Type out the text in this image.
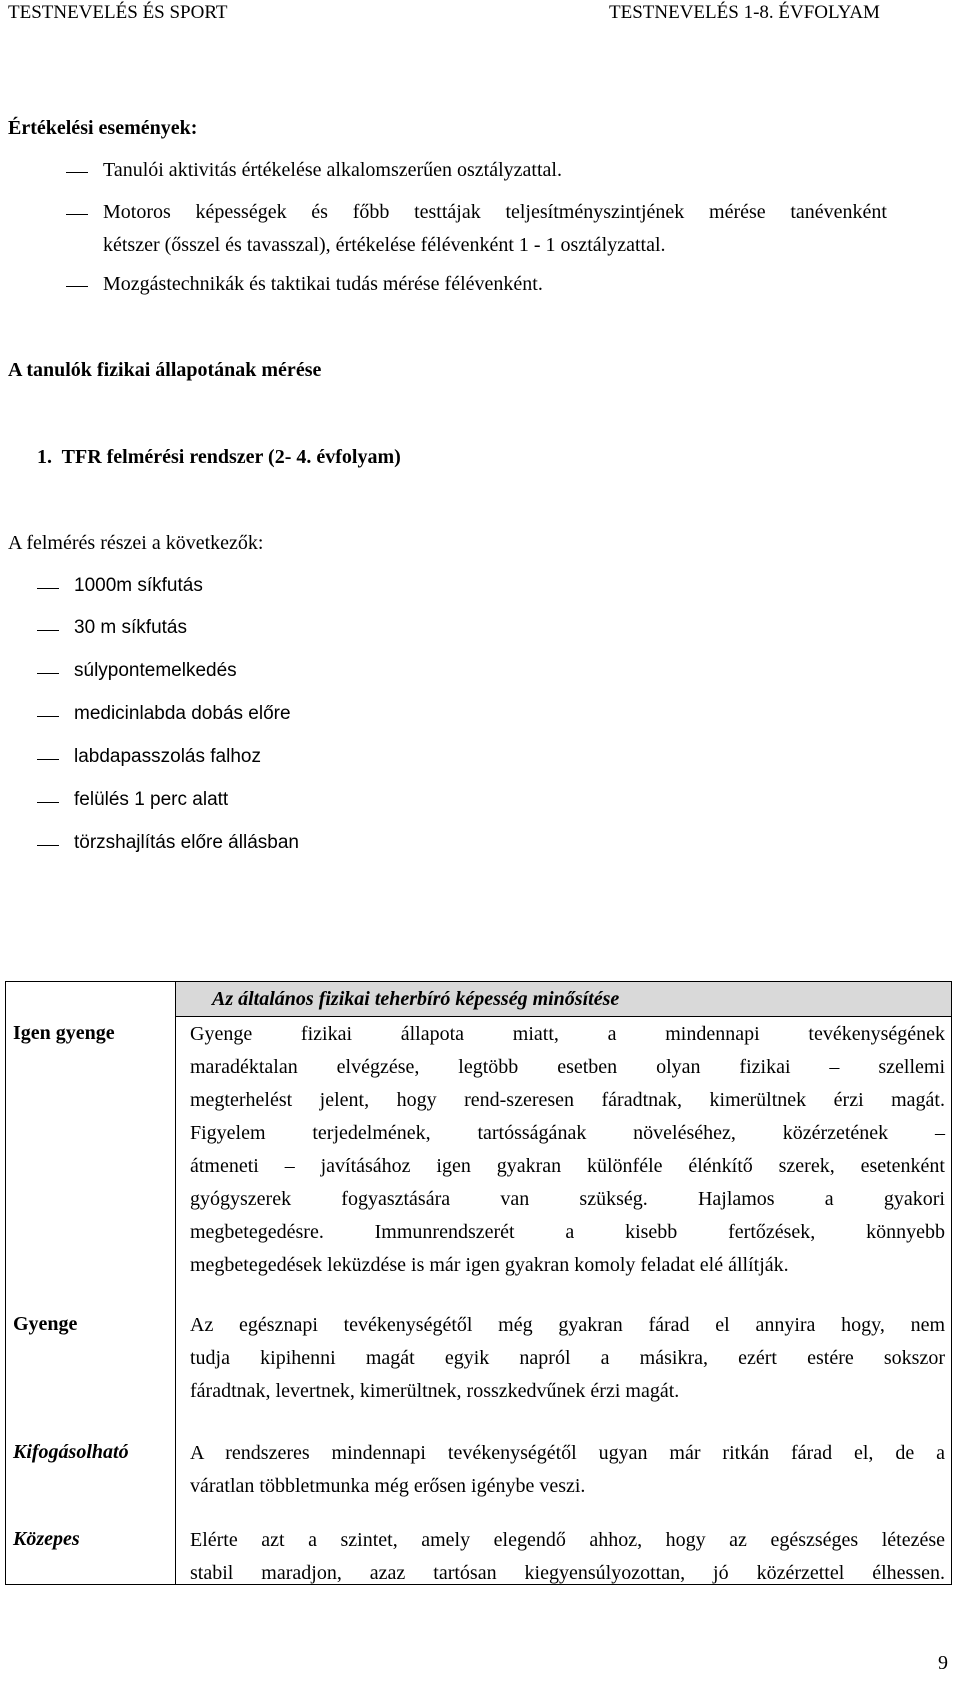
TESTNEVELÉS ÉS SPORT	TESTNEVELÉS 1-8. ÉVFOLYAM
Értékelési események:
Tanulói aktivitás értékelése alkalomszerűen osztályzattal.
Motoros képességek és főbb testtájak teljesítményszintjének mérése tanévenként
kétszer (ősszel és tavasszal), értékelése félévenként 1 - 1 osztályzattal.
Mozgástechnikák és taktikai tudás mérése félévenként.
A tanulók fizikai állapotának mérése
1.  TFR felmérési rendszer (2- 4. évfolyam)
A felmérés részei a következők:
1000m síkfutás
30 m síkfutás
súlypontemelkedés
medicinlabda dobás előre
labdapasszolás falhoz
felülés 1 perc alatt
törzshajlítás előre állásban
Az általános fizikai teherbíró képesség minősítése
Igen gyenge	Gyenge fizikai állapota miatt, a mindennapi tevékenységének
maradéktalan elvégzése, legtöbb esetben olyan fizikai – szellemi
megterhelést jelent, hogy rend-szeresen fáradtnak, kimerültnek érzi magát.
Figyelem terjedelmének, tartósságának növeléséhez, közérzetének –
átmeneti – javításához igen gyakran különféle élénkítő szerek, esetenként
gyógyszerek fogyasztására van szükség. Hajlamos a gyakori
megbetegedésre. Immunrendszerét a kisebb fertőzések, könnyebb
megbetegedések leküzdése is már igen gyakran komoly feladat elé állítják.
Gyenge	Az egésznapi tevékenységétől még gyakran fárad el annyira hogy, nem
tudja kipihenni magát egyik napról a másikra, ezért estére sokszor
fáradtnak, levertnek, kimerültnek, rosszkedvűnek érzi magát.
Kifogásolható	A rendszeres mindennapi tevékenységétől ugyan már ritkán fárad el, de a
váratlan többletmunka még erősen igénybe veszi.
Közepes	Elérte azt a szintet, amely elegendő ahhoz, hogy az egészséges létezése
stabil maradjon, azaz tartósan kiegyensúlyozottan, jó közérzettel élhessen.
9
